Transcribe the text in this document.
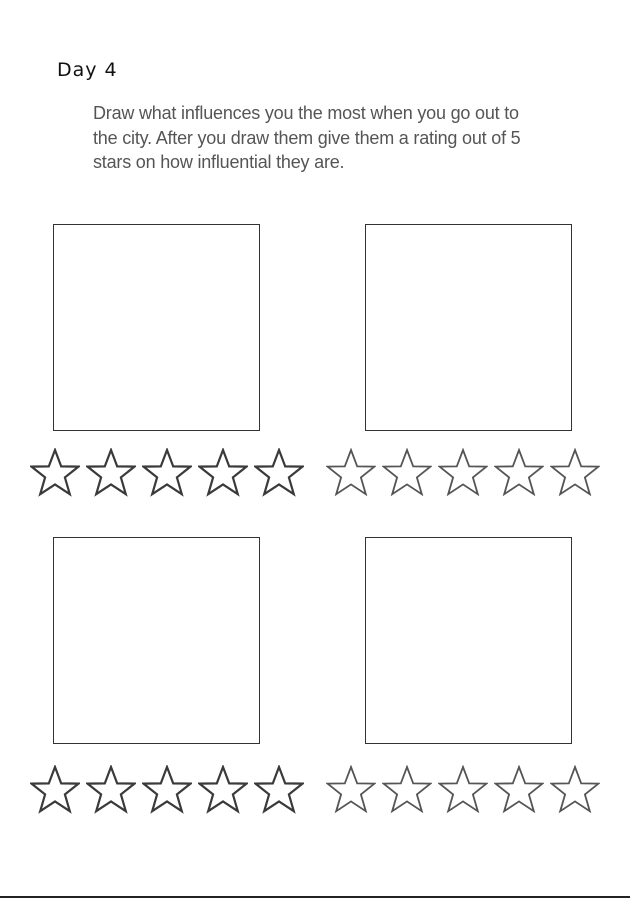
Day 4

Draw what influences you the most when you go out to the city. After you draw them give them a rating out of 5 stars on how influential they are.
